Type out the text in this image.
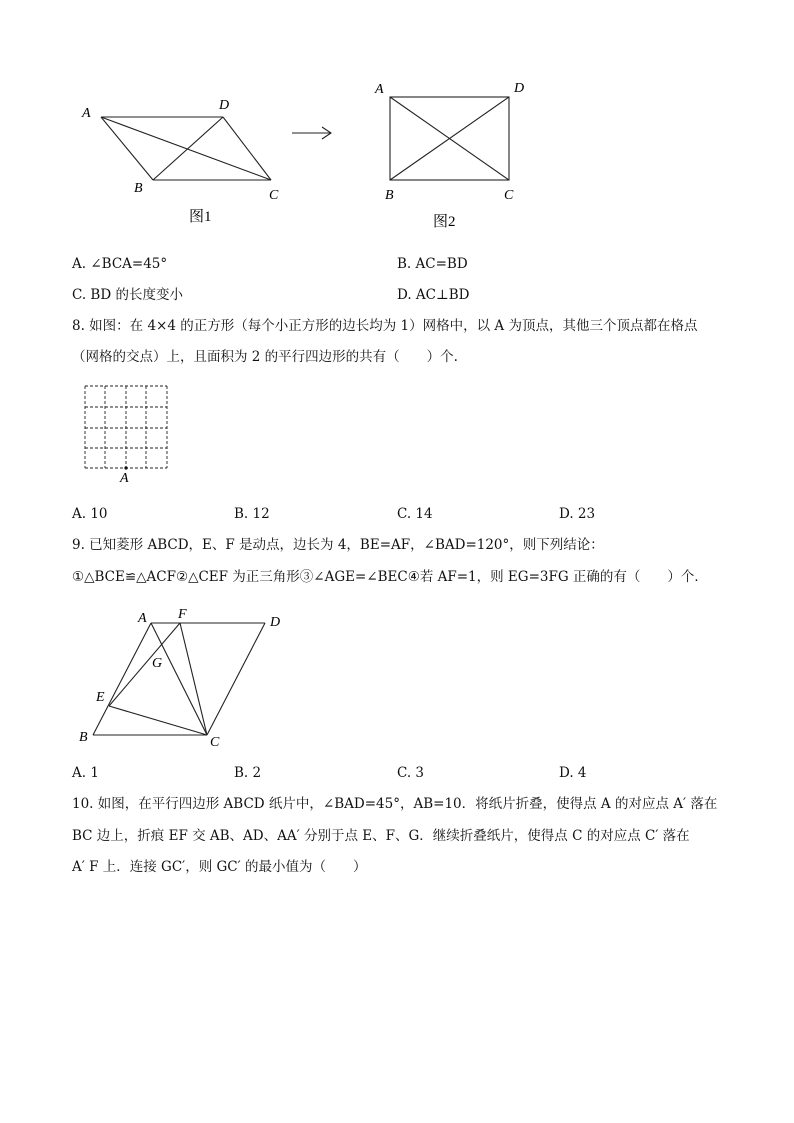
A
D
B	C
图1
A	D
B	C
图2
A. ∠BCA=45°	B. AC=BD
C. BD 的长度变小	D. AC⊥BD
8. 如图：在 4×4 的正方形（每个小正方形的边长均为 1）网格中，以 A 为顶点，其他三个顶点都在格点
（网格的交点）上，且面积为 2 的平行四边形的共有（　　）个.
A
A. 10	B. 12	C. 14	D. 23
9. 已知菱形 ABCD，E、F 是动点，边长为 4，BE=AF，∠BAD=120°，则下列结论：
①△BCE≌△ACF②△CEF 为正三角形③∠AGE=∠BEC④若 AF=1，则 EG=3FG 正确的有（　　）个．
A F
D
G
E
B	C
A. 1	B. 2	C. 3	D. 4
10. 如图，在平行四边形 ABCD 纸片中，∠BAD=45°，AB=10．将纸片折叠，使得点 A 的对应点 A′ 落在
BC 边上，折痕 EF 交 AB、AD、AA′ 分别于点 E、F、G．继续折叠纸片，使得点 C 的对应点 C′ 落在
A′ F 上．连接 GC′，则 GC′ 的最小值为（　　）
